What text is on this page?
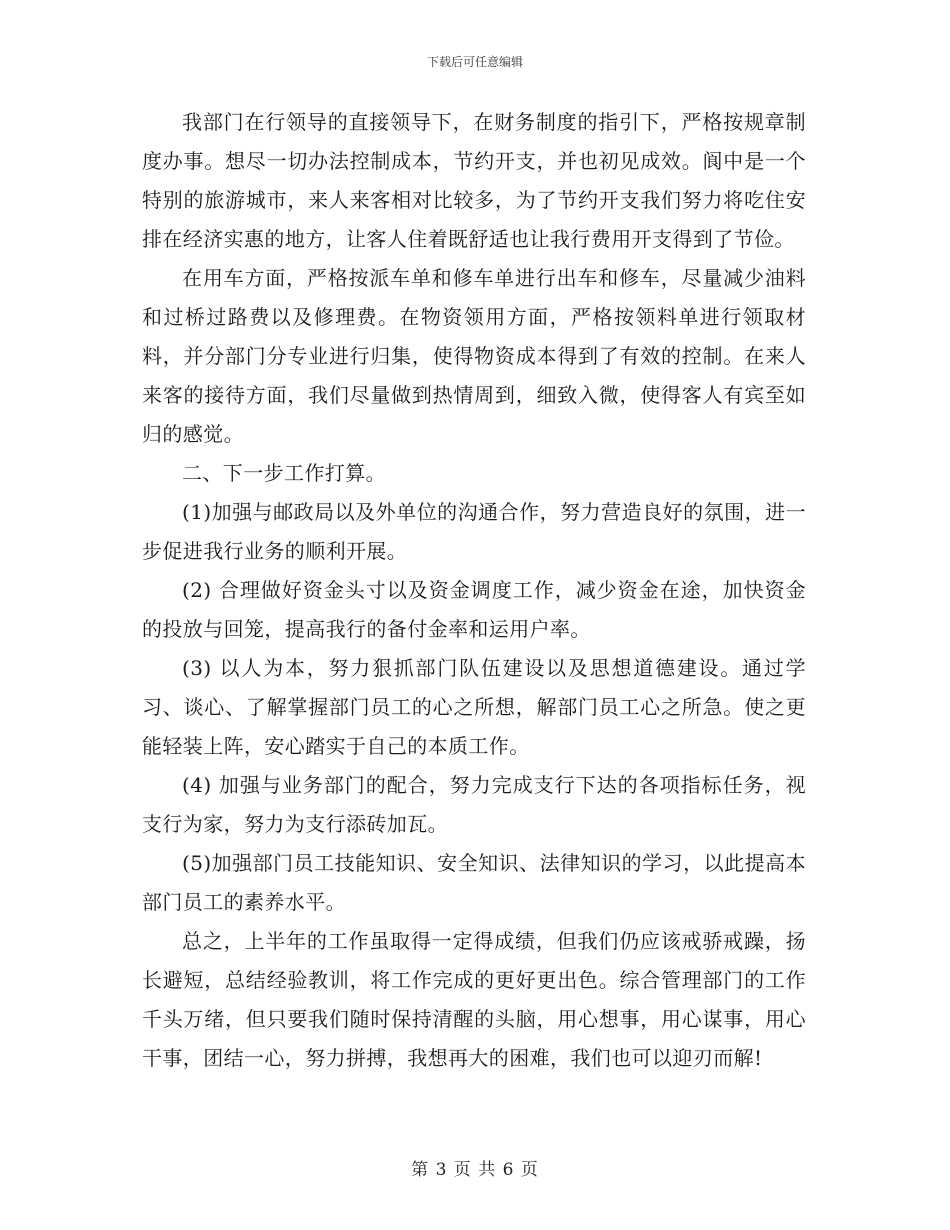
下载后可任意编辑

我部门在行领导的直接领导下，在财务制度的指引下，严格按规章制度办事。想尽一切办法控制成本，节约开支，并也初见成效。阆中是一个特别的旅游城市，来人来客相对比较多，为了节约开支我们努力将吃住安排在经济实惠的地方，让客人住着既舒适也让我行费用开支得到了节俭。

在用车方面，严格按派车单和修车单进行出车和修车，尽量减少油料和过桥过路费以及修理费。在物资领用方面，严格按领料单进行领取材料，并分部门分专业进行归集，使得物资成本得到了有效的控制。在来人来客的接待方面，我们尽量做到热情周到，细致入微，使得客人有宾至如归的感觉。

二、下一步工作打算。

(1)加强与邮政局以及外单位的沟通合作，努力营造良好的氛围，进一步促进我行业务的顺利开展。

(2) 合理做好资金头寸以及资金调度工作，减少资金在途，加快资金的投放与回笼，提高我行的备付金率和运用户率。

(3) 以人为本，努力狠抓部门队伍建设以及思想道德建设。通过学习、谈心、了解掌握部门员工的心之所想，解部门员工心之所急。使之更能轻装上阵，安心踏实于自己的本质工作。

(4) 加强与业务部门的配合，努力完成支行下达的各项指标任务，视支行为家，努力为支行添砖加瓦。

(5)加强部门员工技能知识、安全知识、法律知识的学习，以此提高本部门员工的素养水平。

总之，上半年的工作虽取得一定得成绩，但我们仍应该戒骄戒躁，扬长避短，总结经验教训，将工作完成的更好更出色。综合管理部门的工作千头万绪，但只要我们随时保持清醒的头脑，用心想事，用心谋事，用心干事，团结一心，努力拼搏，我想再大的困难，我们也可以迎刃而解!

第 3 页 共 6 页
